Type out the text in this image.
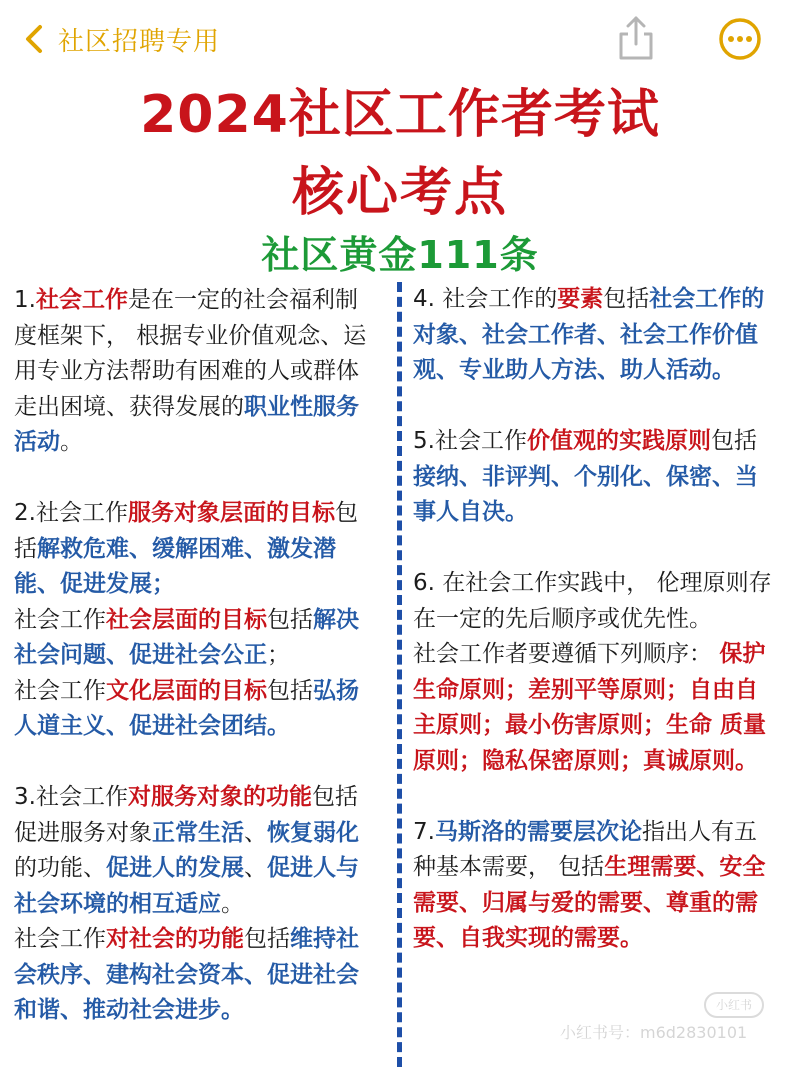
社区招聘专用
2024社区工作者考试
核心考点
社区黄金111条
1.社会工作是在一定的社会福利制度框架下， 根据专业价值观念、运用专业方法帮助有困难的人或群体走出困境、获得发展的职业性服务活动。
2.社会工作服务对象层面的目标包括解救危难、缓解困难、激发潜能、促进发展；
社会工作社会层面的目标包括解决社会问题、促进社会公正；
社会工作文化层面的目标包括弘扬人道主义、促进社会团结。
3.社会工作对服务对象的功能包括促进服务对象正常生活、恢复弱化的功能、促进人的发展、促进人与社会环境的相互适应。
社会工作对社会的功能包括维持社会秩序、建构社会资本、促进社会和谐、推动社会进步。
4. 社会工作的要素包括社会工作的对象、社会工作者、社会工作价值观、专业助人方法、助人活动。
5.社会工作价值观的实践原则包括接纳、非评判、个别化、保密、当事人自决。
6. 在社会工作实践中， 伦理原则存在一定的先后顺序或优先性。
社会工作者要遵循下列顺序： 保护生命原则；差别平等原则；自由自主原则；最小伤害原则；生命 质量原则；隐私保密原则；真诚原则。
7.马斯洛的需要层次论指出人有五种基本需要， 包括生理需要、安全需要、归属与爱的需要、尊重的需要、自我实现的需要。
小红书
小红书号：m6d2830101
